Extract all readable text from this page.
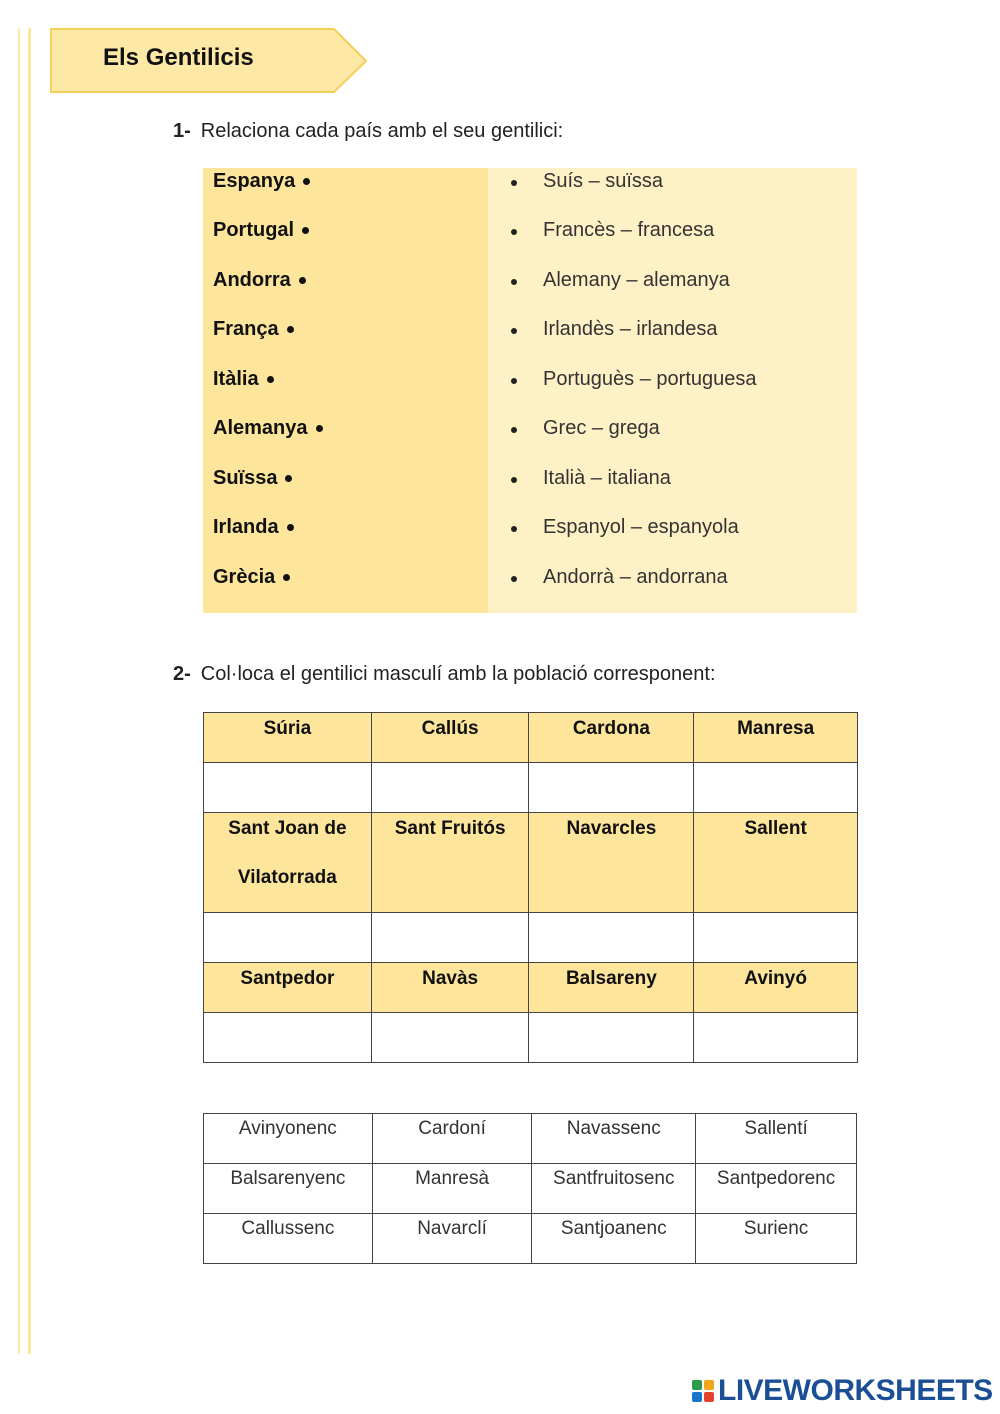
Els Gentilicis
1- Relaciona cada país amb el seu gentilici:
Espanya
Portugal
Andorra
França
Itàlia
Alemanya
Suïssa
Irlanda
Grècia
Suís – suïssa
Francès – francesa
Alemany – alemanya
Irlandès – irlandesa
Portuguès – portuguesa
Grec – grega
Italià – italiana
Espanyol – espanyola
Andorrà – andorrana
2- Col·loca el gentilici masculí amb la població corresponent:
Súria	Callús	Cardona	Manresa

Sant Joan de
Vilatorrada	Sant Fruitós	Navarcles	Sallent

Santpedor	Navàs	Balsareny	Avinyó

Avinyonenc	Cardoní	Navassenc	Sallentí
Balsarenyenc	Manresà	Santfruitosenc	Santpedorenc
Callussenc	Navarclí	Santjoanenc	Surienc
LIVEWORKSHEETS
